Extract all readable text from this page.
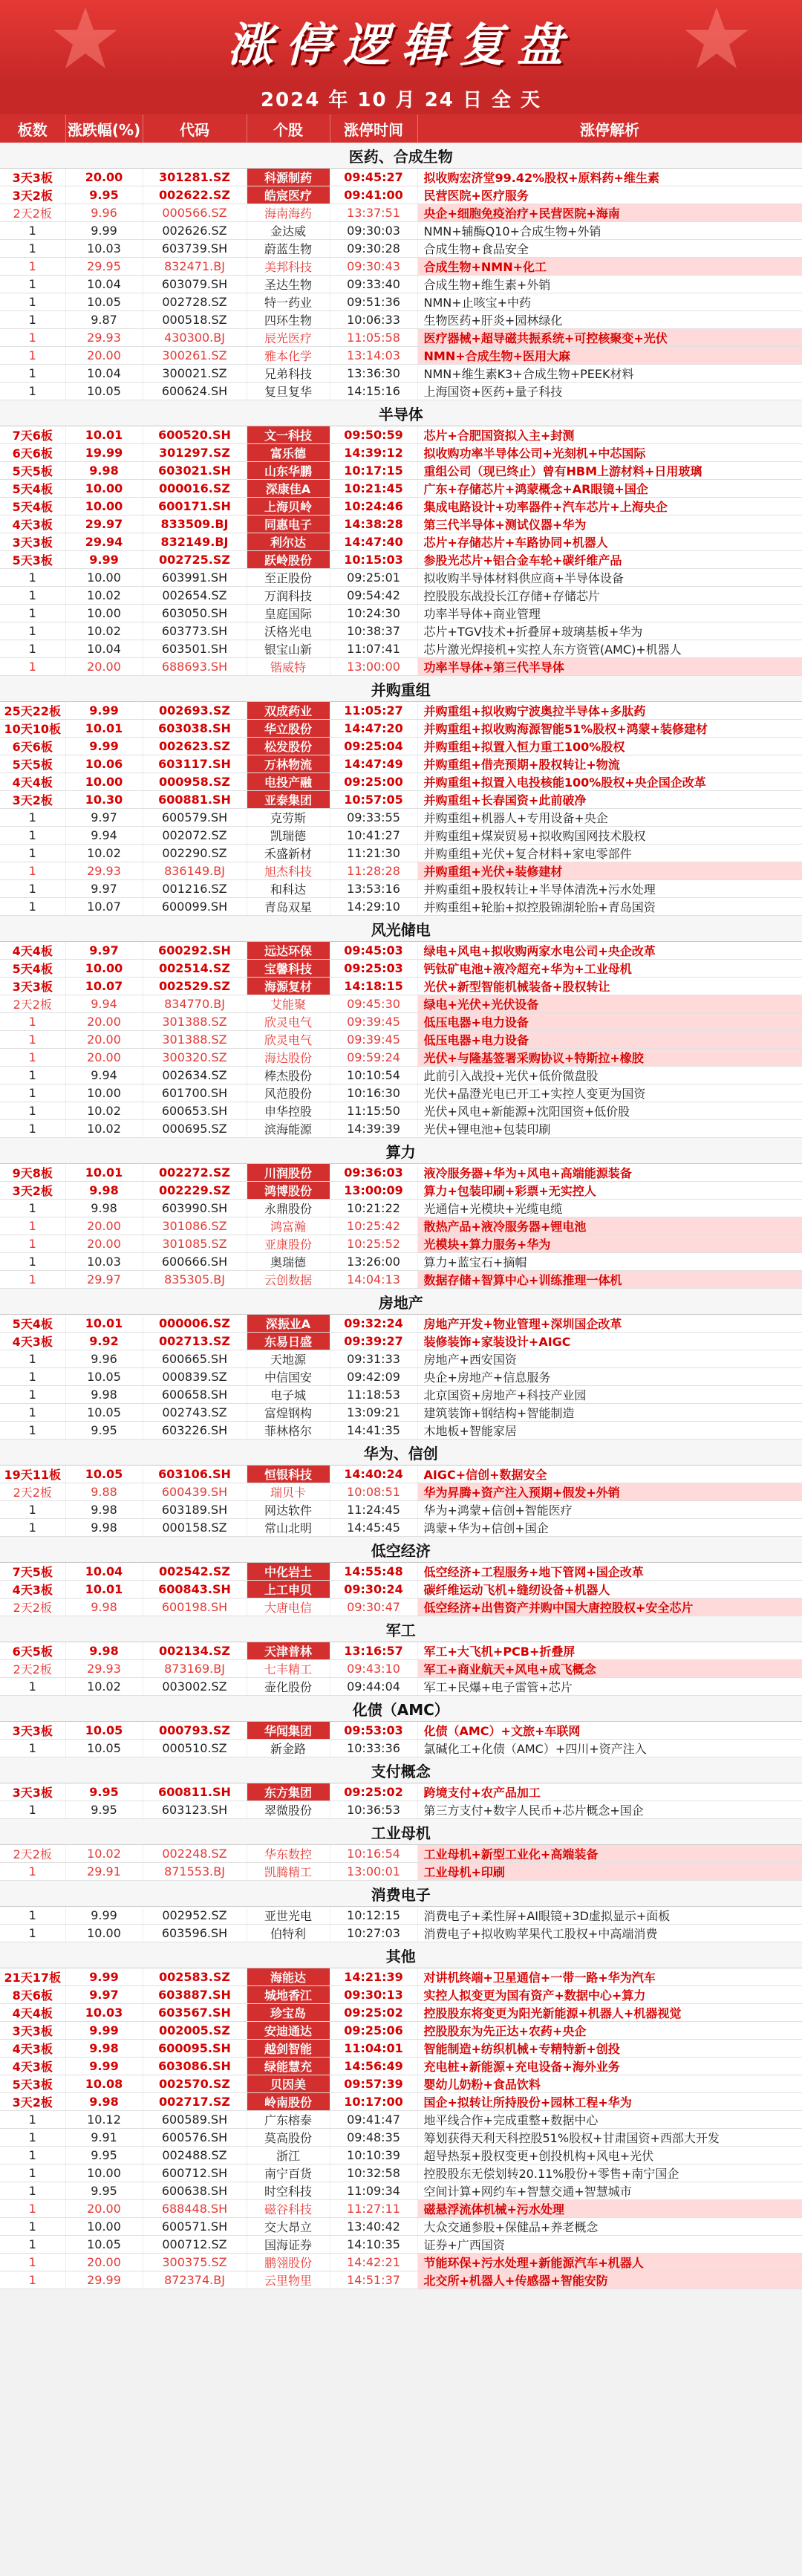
涨停逻辑复盘
2024 年 10 月 24 日 全 天
板数	涨跌幅(%)	代码	个股	涨停时间	涨停解析
医药、合成生物					
3天3板	20.00	301281.SZ	科源制药	09:45:27	拟收购宏济堂99.42%股权+原料药+维生素
3天2板	9.95	002622.SZ	皓宸医疗	09:41:00	民营医院+医疗服务
2天2板	9.96	000566.SZ	海南海药	13:37:51	央企+细胞免疫治疗+民营医院+海南
1	9.99	002626.SZ	金达威	09:30:03	NMN+辅酶Q10+合成生物+外销
1	10.03	603739.SH	蔚蓝生物	09:30:28	合成生物+食品安全
1	29.95	832471.BJ	美邦科技	09:30:43	合成生物+NMN+化工
1	10.04	603079.SH	圣达生物	09:33:40	合成生物+维生素+外销
1	10.05	002728.SZ	特一药业	09:51:36	NMN+止咳宝+中药
1	9.87	000518.SZ	四环生物	10:06:33	生物医药+肝炎+园林绿化
1	29.93	430300.BJ	辰光医疗	11:05:58	医疗器械+超导磁共振系统+可控核聚变+光伏
1	20.00	300261.SZ	雅本化学	13:14:03	NMN+合成生物+医用大麻
1	10.04	300021.SZ	兄弟科技	13:36:30	NMN+维生素K3+合成生物+PEEK材料
1	10.05	600624.SH	复旦复华	14:15:16	上海国资+医药+量子科技
半导体					
7天6板	10.01	600520.SH	文一科技	09:50:59	芯片+合肥国资拟入主+封测
6天6板	19.99	301297.SZ	富乐德	14:39:12	拟收购功率半导体公司+光刻机+中芯国际
5天5板	9.98	603021.SH	山东华鹏	10:17:15	重组公司（现已终止）曾有HBM上游材料+日用玻璃
5天4板	10.00	000016.SZ	深康佳A	10:21:45	广东+存储芯片+鸿蒙概念+AR眼镜+国企
5天4板	10.00	600171.SH	上海贝岭	10:24:46	集成电路设计+功率器件+汽车芯片+上海央企
4天3板	29.97	833509.BJ	同惠电子	14:38:28	第三代半导体+测试仪器+华为
3天3板	29.94	832149.BJ	利尔达	14:47:40	芯片+存储芯片+车路协同+机器人
5天3板	9.99	002725.SZ	跃岭股份	10:15:03	参股光芯片+铝合金车轮+碳纤维产品
1	10.00	603991.SH	至正股份	09:25:01	拟收购半导体材料供应商+半导体设备
1	10.02	002654.SZ	万润科技	09:54:42	控股股东战投长江存储+存储芯片
1	10.00	603050.SH	皇庭国际	10:24:30	功率半导体+商业管理
1	10.02	603773.SH	沃格光电	10:38:37	芯片+TGV技术+折叠屏+玻璃基板+华为
1	10.04	603501.SH	银宝山新	11:07:41	芯片激光焊接机+实控人东方资管(AMC)+机器人
1	20.00	688693.SH	锴威特	13:00:00	功率半导体+第三代半导体
并购重组					
25天22板	9.99	002693.SZ	双成药业	11:05:27	并购重组+拟收购宁波奥拉半导体+多肽药
10天10板	10.01	603038.SH	华立股份	14:47:20	并购重组+拟收购海源智能51%股权+鸿蒙+装修建材
6天6板	9.99	002623.SZ	松发股份	09:25:04	并购重组+拟置入恒力重工100%股权
5天5板	10.06	603117.SH	万林物流	14:47:49	并购重组+借壳预期+股权转让+物流
4天4板	10.00	000958.SZ	电投产融	09:25:00	并购重组+拟置入电投核能100%股权+央企国企改革
3天2板	10.30	600881.SH	亚泰集团	10:57:05	并购重组+长春国资+此前破净
1	9.97	600579.SH	克劳斯	09:33:55	并购重组+机器人+专用设备+央企
1	9.94	002072.SZ	凯瑞德	10:41:27	并购重组+煤炭贸易+拟收购国网技术股权
1	10.02	002290.SZ	禾盛新材	11:21:30	并购重组+光伏+复合材料+家电零部件
1	29.93	836149.BJ	旭杰科技	11:28:28	并购重组+光伏+装修建材
1	9.97	001216.SZ	和科达	13:53:16	并购重组+股权转让+半导体清洗+污水处理
1	10.07	600099.SH	青岛双星	14:29:10	并购重组+轮胎+拟控股锦湖轮胎+青岛国资
风光储电					
4天4板	9.97	600292.SH	远达环保	09:45:03	绿电+风电+拟收购两家水电公司+央企改革
5天4板	10.00	002514.SZ	宝馨科技	09:25:03	钙钛矿电池+液冷超充+华为+工业母机
3天3板	10.07	002529.SZ	海源复材	14:18:15	光伏+新型智能机械装备+股权转让
2天2板	9.94	834770.BJ	艾能聚	09:45:30	绿电+光伏+光伏设备
1	20.00	301388.SZ	欣灵电气	09:39:45	低压电器+电力设备
1	20.00	301388.SZ	欣灵电气	09:39:45	低压电器+电力设备
1	20.00	300320.SZ	海达股份	09:59:24	光伏+与隆基签署采购协议+特斯拉+橡胶
1	9.94	002634.SZ	棒杰股份	10:10:54	此前引入战投+光伏+低价微盘股
1	10.00	601700.SH	风范股份	10:16:30	光伏+晶澄光电已开工+实控人变更为国资
1	10.02	600653.SH	申华控股	11:15:50	光伏+风电+新能源+沈阳国资+低价股
1	10.02	000695.SZ	滨海能源	14:39:39	光伏+锂电池+包装印刷
算力					
9天8板	10.01	002272.SZ	川润股份	09:36:03	液冷服务器+华为+风电+高端能源装备
3天2板	9.98	002229.SZ	鸿博股份	13:00:09	算力+包装印刷+彩票+无实控人
1	9.98	603990.SH	永鼎股份	10:21:22	光通信+光模块+光缆电缆
1	20.00	301086.SZ	鸿富瀚	10:25:42	散热产品+液冷服务器+锂电池
1	20.00	301085.SZ	亚康股份	10:25:52	光模块+算力服务+华为
1	10.03	600666.SH	奥瑞德	13:26:00	算力+蓝宝石+摘帽
1	29.97	835305.BJ	云创数据	14:04:13	数据存储+智算中心+训练推理一体机
房地产					
5天4板	10.01	000006.SZ	深振业A	09:32:24	房地产开发+物业管理+深圳国企改革
4天3板	9.92	002713.SZ	东易日盛	09:39:27	装修装饰+家装设计+AIGC
1	9.96	600665.SH	天地源	09:31:33	房地产+西安国资
1	10.05	000839.SZ	中信国安	09:42:09	央企+房地产+信息服务
1	9.98	600658.SH	电子城	11:18:53	北京国资+房地产+科技产业园
1	10.05	002743.SZ	富煌钢构	13:09:21	建筑装饰+钢结构+智能制造
1	9.95	603226.SH	菲林格尔	14:41:35	木地板+智能家居
华为、信创					
19天11板	10.05	603106.SH	恒银科技	14:40:24	AIGC+信创+数据安全
2天2板	9.88	600439.SH	瑞贝卡	10:08:51	华为昇腾+资产注入预期+假发+外销
1	9.98	603189.SH	网达软件	11:24:45	华为+鸿蒙+信创+智能医疗
1	9.98	000158.SZ	常山北明	14:45:45	鸿蒙+华为+信创+国企
低空经济					
7天5板	10.04	002542.SZ	中化岩土	14:55:48	低空经济+工程服务+地下管网+国企改革
4天3板	10.01	600843.SH	上工申贝	09:30:24	碳纤维运动飞机+缝纫设备+机器人
2天2板	9.98	600198.SH	大唐电信	09:30:47	低空经济+出售资产并购中国大唐控股权+安全芯片
军工					
6天5板	9.98	002134.SZ	天津普林	13:16:57	军工+大飞机+PCB+折叠屏
2天2板	29.93	873169.BJ	七丰精工	09:43:10	军工+商业航天+风电+成飞概念
1	10.02	003002.SZ	壶化股份	09:44:04	军工+民爆+电子雷管+芯片
化债（AMC）					
3天3板	10.05	000793.SZ	华闻集团	09:53:03	化债（AMC）+文旅+车联网
1	10.05	000510.SZ	新金路	10:33:36	氯碱化工+化债（AMC）+四川+资产注入
支付概念					
3天3板	9.95	600811.SH	东方集团	09:25:02	跨境支付+农产品加工
1	9.95	603123.SH	翠微股份	10:36:53	第三方支付+数字人民币+芯片概念+国企
工业母机					
2天2板	10.02	002248.SZ	华东数控	10:16:54	工业母机+新型工业化+高端装备
1	29.91	871553.BJ	凯腾精工	13:00:01	工业母机+印刷
消费电子					
1	9.99	002952.SZ	亚世光电	10:12:15	消费电子+柔性屏+AI眼镜+3D虚拟显示+面板
1	10.00	603596.SH	伯特利	10:27:03	消费电子+拟收购苹果代工股权+中高端消费
其他					
21天17板	9.99	002583.SZ	海能达	14:21:39	对讲机终端+卫星通信+一带一路+华为汽车
8天6板	9.97	603887.SH	城地香江	09:30:13	实控人拟变更为国有资产+数据中心+算力
4天4板	10.03	603567.SH	珍宝岛	09:25:02	控股股东将变更为阳光新能源+机器人+机器视觉
3天3板	9.99	002005.SZ	安迪通达	09:25:06	控股股东为先正达+农药+央企
4天3板	9.98	600095.SH	越剑智能	11:04:01	智能制造+纺织机械+专精特新+创投
4天3板	9.99	603086.SH	绿能慧充	14:56:49	充电桩+新能源+充电设备+海外业务
5天3板	10.08	002570.SZ	贝因美	09:57:39	婴幼儿奶粉+食品饮料
3天2板	9.98	002717.SZ	岭南股份	10:17:00	国企+拟转让所持股份+园林工程+华为
1	10.12	600589.SH	广东榕泰	09:41:47	地平线合作+完成重整+数据中心
1	9.91	600576.SH	莫高股份	09:48:35	筹划获得天利天科控股51%股权+甘肃国资+西部大开发
1	9.95	002488.SZ	浙江	10:10:39	超导热泵+股权变更+创投机构+风电+光伏
1	10.00	600712.SH	南宁百货	10:32:58	控股股东无偿划转20.11%股份+零售+南宁国企
1	9.95	600638.SH	时空科技	11:09:34	空间计算+网约车+智慧交通+智慧城市
1	20.00	688448.SH	磁谷科技	11:27:11	磁悬浮流体机械+污水处理
1	10.00	600571.SH	交大昂立	13:40:42	大众交通参股+保健品+养老概念
1	10.05	000712.SZ	国海证券	14:10:35	证券+广西国资
1	20.00	300375.SZ	鹏翎股份	14:42:21	节能环保+污水处理+新能源汽车+机器人
1	29.99	872374.BJ	云里物里	14:51:37	北交所+机器人+传感器+智能安防
